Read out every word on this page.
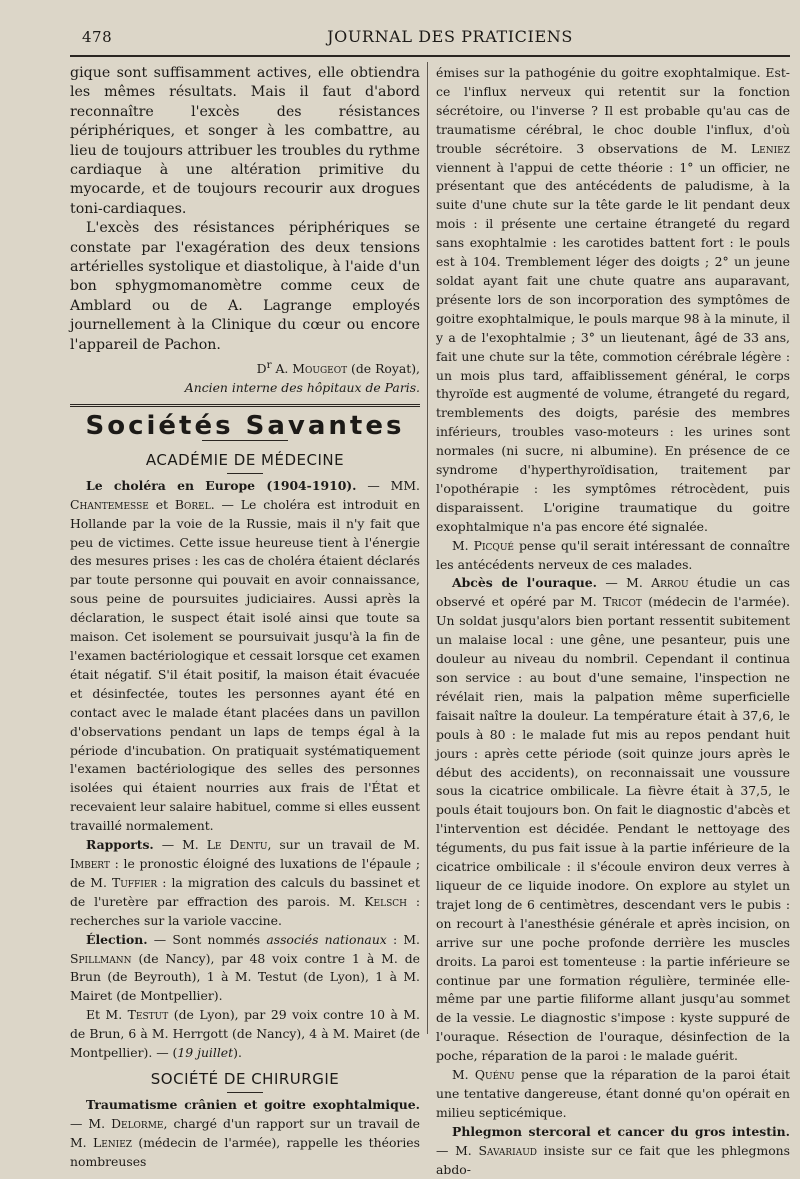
478	JOURNAL DES PRATICIENS

gique sont suffisamment actives, elle obtiendra les mêmes résultats. Mais il faut d'abord reconnaître l'excès des résistances périphériques, et songer à les combattre, au lieu de toujours attribuer les troubles du rythme cardiaque à une altération primitive du myocarde, et de toujours recourir aux drogues toni-cardiaques.

L'excès des résistances périphériques se constate par l'exagération des deux tensions artérielles systolique et diastolique, à l'aide d'un bon sphygmomanomètre comme ceux de Amblard ou de A. Lagrange employés journellement à la Clinique du cœur ou encore l'appareil de Pachon.

$D^r$ A. Mougeot (de Royat),

Ancien interne des hôpitaux de Paris.

Sociétés Savantes
ACADÉMIE DE MÉDECINE

Le choléra en Europe (1904-1910). — MM. Chantemesse et Borel. — Le choléra est introduit en Hollande par la voie de la Russie, mais il n'y fait que peu de victimes. Cette issue heureuse tient à l'énergie des mesures prises : les cas de choléra étaient déclarés par toute personne qui pouvait en avoir connaissance, sous peine de poursuites judiciaires. Aussi après la déclaration, le suspect était isolé ainsi que toute sa maison. Cet isolement se poursuivait jusqu'à la fin de l'examen bactériologique et cessait lorsque cet examen était négatif. S'il était positif, la maison était évacuée et désinfectée, toutes les personnes ayant été en contact avec le malade étant placées dans un pavillon d'observations pendant un laps de temps égal à la période d'incubation. On pratiquait systématiquement l'examen bactériologique des selles des personnes isolées qui étaient nourries aux frais de l'État et recevaient leur salaire habituel, comme si elles eussent travaillé normalement.

Rapports. — M. Le Dentu, sur un travail de M. Imbert : le pronostic éloigné des luxations de l'épaule ; de M. Tuffier : la migration des calculs du bassinet et de l'uretère par effraction des parois. M. Kelsch : recherches sur la variole vaccine.

Élection. — Sont nommés associés nationaux : M. Spillmann (de Nancy), par 48 voix contre 1 à M. de Brun (de Beyrouth), 1 à M. Testut (de Lyon), 1 à M. Mairet (de Montpellier).

Et M. Testut (de Lyon), par 29 voix contre 10 à M. de Brun, 6 à M. Herrgott (de Nancy), 4 à M. Mairet (de Montpellier). — (19 juillet).

SOCIÉTÉ DE CHIRURGIE

Traumatisme crânien et goitre exophtalmique. — M. Delorme, chargé d'un rapport sur un travail de M. Leniez (médecin de l'armée), rappelle les théories nombreuses

émises sur la pathogénie du goitre exophtalmique. Est-ce l'influx nerveux qui retentit sur la fonction sécrétoire, ou l'inverse ? Il est probable qu'au cas de traumatisme cérébral, le choc double l'influx, d'où trouble sécrétoire. 3 observations de M. Leniez viennent à l'appui de cette théorie : 1° un officier, ne présentant que des antécédents de paludisme, à la suite d'une chute sur la tête garde le lit pendant deux mois : il présente une certaine étrangeté du regard sans exophtalmie : les carotides battent fort : le pouls est à 104. Tremblement léger des doigts ; 2° un jeune soldat ayant fait une chute quatre ans auparavant, présente lors de son incorporation des symptômes de goitre exophtalmique, le pouls marque 98 à la minute, il y a de l'exophtalmie ; 3° un lieutenant, âgé de 33 ans, fait une chute sur la tête, commotion cérébrale légère : un mois plus tard, affaiblissement général, le corps thyroïde est augmenté de volume, étrangeté du regard, tremblements des doigts, parésie des membres inférieurs, troubles vaso-moteurs : les urines sont normales (ni sucre, ni albumine). En présence de ce syndrome d'hyperthyroïdisation, traitement par l'opothérapie : les symptômes rétrocèdent, puis disparaissent. L'origine traumatique du goitre exophtalmique n'a pas encore été signalée.

M. Picqué pense qu'il serait intéressant de connaître les antécédents nerveux de ces malades.

Abcès de l'ouraque. — M. Arrou étudie un cas observé et opéré par M. Tricot (médecin de l'armée). Un soldat jusqu'alors bien portant ressentit subitement un malaise local : une gêne, une pesanteur, puis une douleur au niveau du nombril. Cependant il continua son service : au bout d'une semaine, l'inspection ne révélait rien, mais la palpation même superficielle faisait naître la douleur. La température était à 37,6, le pouls à 80 : le malade fut mis au repos pendant huit jours : après cette période (soit quinze jours après le début des accidents), on reconnaissait une voussure sous la cicatrice ombilicale. La fièvre était à 37,5, le pouls était toujours bon. On fait le diagnostic d'abcès et l'intervention est décidée. Pendant le nettoyage des téguments, du pus fait issue à la partie inférieure de la cicatrice ombilicale : il s'écoule environ deux verres à liqueur de ce liquide inodore. On explore au stylet un trajet long de 6 centimètres, descendant vers le pubis : on recourt à l'anesthésie générale et après incision, on arrive sur une poche profonde derrière les muscles droits. La paroi est tomenteuse : la partie inférieure se continue par une formation régulière, terminée elle-même par une partie filiforme allant jusqu'au sommet de la vessie. Le diagnostic s'impose : kyste suppuré de l'ouraque. Résection de l'ouraque, désinfection de la poche, réparation de la paroi : le malade guérit.

M. Quénu pense que la réparation de la paroi était une tentative dangereuse, étant donné qu'on opérait en milieu septicémique.

Phlegmon stercoral et cancer du gros intestin. — M. Savariaud insiste sur ce fait que les phlegmons abdo-
